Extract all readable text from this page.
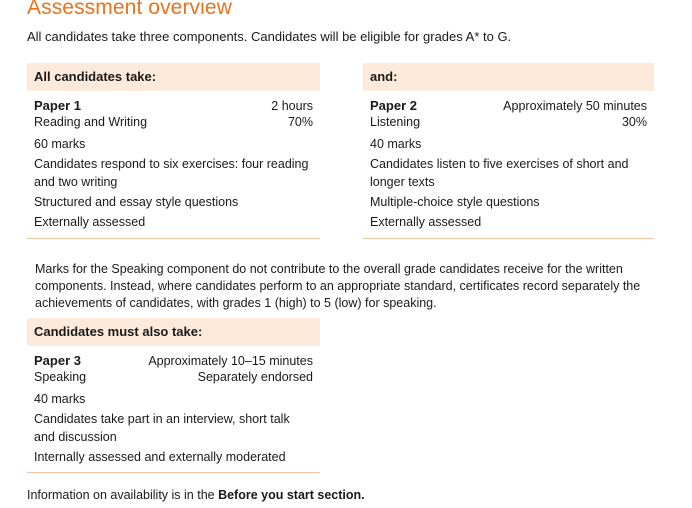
Assessment overview
All candidates take three components. Candidates will be eligible for grades A* to G.
All candidates take:
Paper 1	2 hours
Reading and Writing	70%
60 marks
Candidates respond to six exercises: four reading and two writing
Structured and essay style questions
Externally assessed
and:
Paper 2	Approximately 50 minutes
Listening	30%
40 marks
Candidates listen to five exercises of short and longer texts
Multiple-choice style questions
Externally assessed
Marks for the Speaking component do not contribute to the overall grade candidates receive for the written components. Instead, where candidates perform to an appropriate standard, certificates record separately the achievements of candidates, with grades 1 (high) to 5 (low) for speaking.
Candidates must also take:
Paper 3	Approximately 10–15 minutes
Speaking	Separately endorsed
40 marks
Candidates take part in an interview, short talk and discussion
Internally assessed and externally moderated
Information on availability is in the Before you start section.
